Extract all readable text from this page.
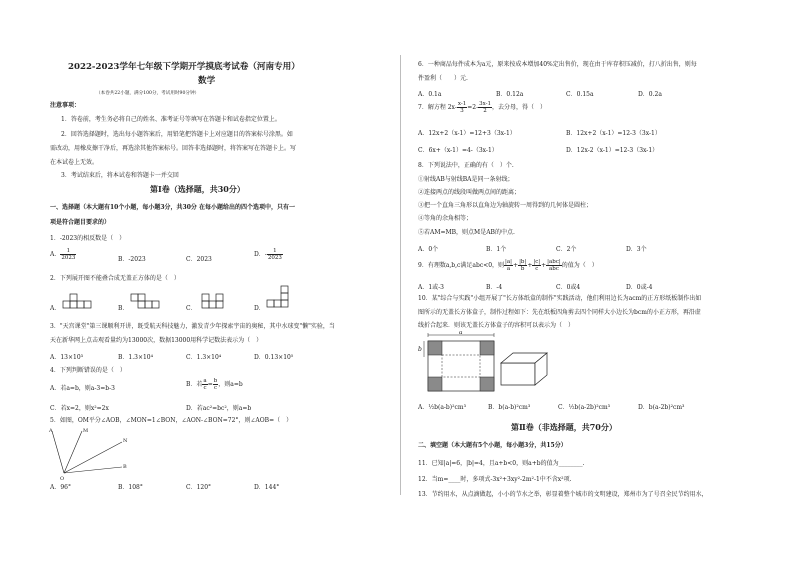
2022-2023学年七年级下学期开学摸底考试卷（河南专用）
数学
（本卷共22小题，满分100分，考试用时90分钟）
注意事项：
1．答卷前，考生务必将自己的姓名、准考证号等填写在答题卡和试卷指定位置上。
2．回答选择题时，选出每小题答案后，用铅笔把答题卡上对应题目的答案标号涂黑。如
需改动，用橡皮擦干净后，再选涂其他答案标号。回答非选择题时，将答案写在答题卡上。写
在本试卷上无效。
3．考试结束后，将本试卷和答题卡一并交回
第Ⅰ卷（选择题，共30分）
一、选择题（本大题有10个小题，每小题3分，共30分 在每小题给出的四个选项中，只有一
项是符合题目要求的）
1．-2023的相反数是（　）
A． $\frac{1}{2023}$	B．-2023	C．2023
D．- $\frac{1}{2023}$
2．下列展开图不能叠合成无盖正方体的是（　）
A．	B．	C．	D．
3．"天宫课堂"第三课顺利开讲，既受航天科技魅力，激发青少年探索宇宙的奥秘，其中水球变"懒"实验，当
天在新华网上点击观看量约为13000次，数据13000用科学记数法表示为（　）
A．13×10³	B．1.3×10⁴	C．1.3×10⁴	D．0.13×10⁵
4．下列判断错误的是（　）
A．若a=b，则a-3=b-3
B．若 $\frac{a}{c} = \frac{b}{c}$ ，则a=b
C．若x=2，则x²=2x	D．若ac²=bc²，则a=b
5．如图，OM平分∠AOB，∠MON=1∠BON，∠AON-∠BON=72°，则∠AOB=（　）
A	M
N
B
O
A．96°	B．108°	C．120°	D．144°
6．一种商品每件成本为a元，原来按成本增加40%定出售价，现在由于库存积压减价，打八折出售，则每
件盈利（　　）元.
A．0.1a	B．0.12a	C．0.15a	D．0.2a
7．解方程 $2x- \frac{x-1}{3} =2- \frac{3x-1}{2}$ ，去分母，得（　）
A．12x+2（x-1）=12+3（3x-1）	B．12x+2（x-1）=12-3（3x-1）
C．6x+（x-1）=4-（3x-1）	D．12x-2（x-1）=12-3（3x-1）
8．下列说法中，正确的有（　）个.
①射线AB与射线BA是同一条射线；
②连接两点的线段叫做两点间的距离；
③把一个直角三角形以直角边为轴旋转一周得到的几何体是圆柱；
④等角的余角相等；
⑤若AM=MB，则点M是AB的中点.
A．0个	B．1个	C．2个	D．3个
9．有理数a,b,c满足abc<0，则 $\frac{|a|}{a} + \frac{|b|}{b} + \frac{|c|}{c} + \frac{\text{|abc|}}{\text{abc}}$ 的值为（　）
A．1或-3	B．-4	C．0或4	D．0或-4
10．某"综合与实践"小组开展了"长方体纸盒的制作"实践活动，他们利用边长为acm的正方形纸板制作出如
图所示的无盖长方体盒子，制作过程如下：先在纸板四角剪去四个同样大小边长为bcm的小正方形，再沿虚
线折合起来．则该无盖长方体盒子的容积可以表示为（　）
a
b
A．½b(a-b)²cm³	B．b(a-b)²cm³	C．½b(a-2b)²cm³	D．b(a-2b)²cm³
第Ⅱ卷（非选择题，共70分）
二、填空题（本大题有5个小题，每小题3分，共15分）
11．已知|a|=6，|b|=4，且a+b<0，则a+b的值为________.
12．当m=____时，多项式-3x²+3xy²-2m²-1中不含x²项.
13．节约用水，从点滴做起，小小的节水之举，彰显着整个城市的文明建设，郑州市为了号召全民节约用水，
